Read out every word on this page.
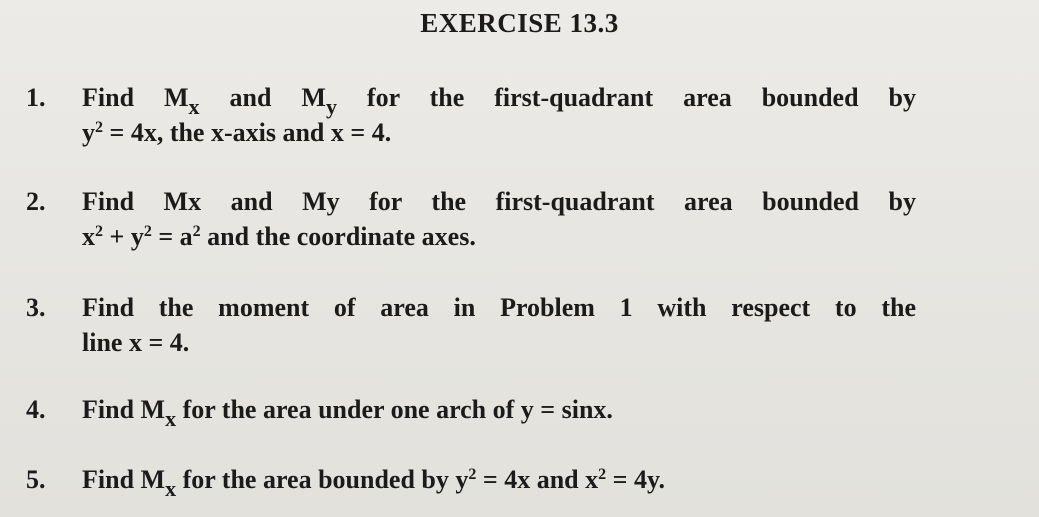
EXERCISE 13.3
1.	Find $M_x$ and $M_y$ for the first-quadrant area bounded by
$y^2 = 4x$, the x-axis and x = 4.
2.	Find Mx and My for the first-quadrant area bounded by
$x^2 + y^2 = a^2$ and the coordinate axes.
3.	Find the moment of area in Problem 1 with respect to the
line x = 4.
4.	Find $M_x$ for the area under one arch of y = sinx.
5.	Find $M_x$ for the area bounded by $y^2 = 4x$ and $x^2 = 4y$.
